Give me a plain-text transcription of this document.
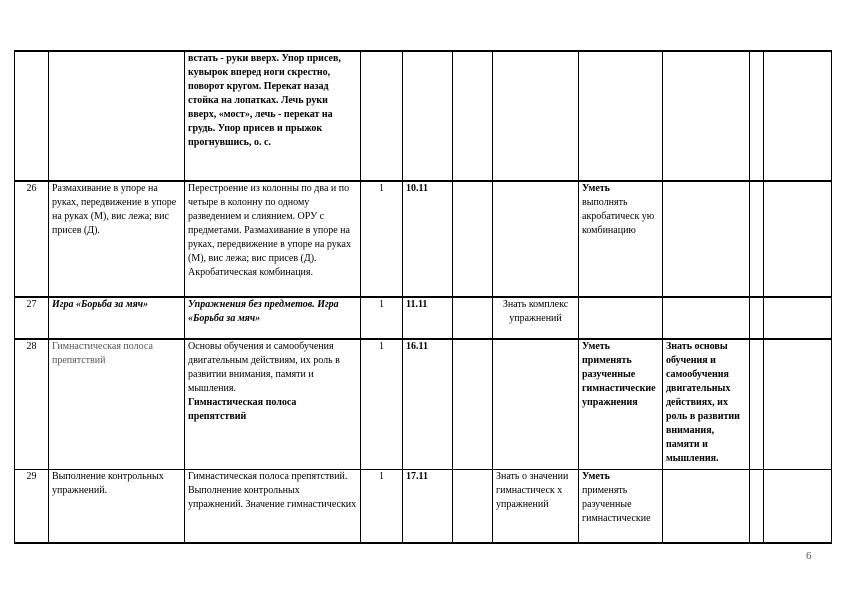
		встать - руки вверх. Упор присев, кувырок вперед ноги скрестно, поворот кругом. Перекат назад стойка на лопатках. Лечь руки вверх, «мост», лечь - перекат на грудь. Упор присев и прыжок прогнувшись, о. с.								
26	Размахивание в упоре на руках, передвижение в упоре на руках (М), вис лежа; вис присев (Д).	Перестроение из колонны по два и по четыре в колонну по одному разведением и слиянием. ОРУ с предметами. Размахивание в упоре на руках, передвижение в упоре на руках (М), вис лежа; вис присев (Д). Акробатическая комбинация.	1	10.11			Уметь
выполнять акробатическ ую комбинацию			

27	Игра «Борьба за мяч»	Упражнения без предметов. Игра «Борьба за мяч»	1	11.11		Знать комплекс упражнений				
28	Гимнастическая полоса препятствий	Основы обучения и самообучения двигательным действиям, их роль в развитии внимания, памяти и мышления.
Гимнастическая полоса препятствий	1	16.11			Уметь
применять разученные гимнастические упражнения	Знать основы обучения и самообучения двигательных действиях, их роль в развитии внимания, памяти и мышления.		
29	Выполнение контрольных упражнений.	Гимнастическая полоса препятствий.
Выполнение контрольных упражнений. Значение гимнастических	1	17.11		Знать о значении гимнастическ х упражнений	Уметь
применять разученные гимнастические			

6
